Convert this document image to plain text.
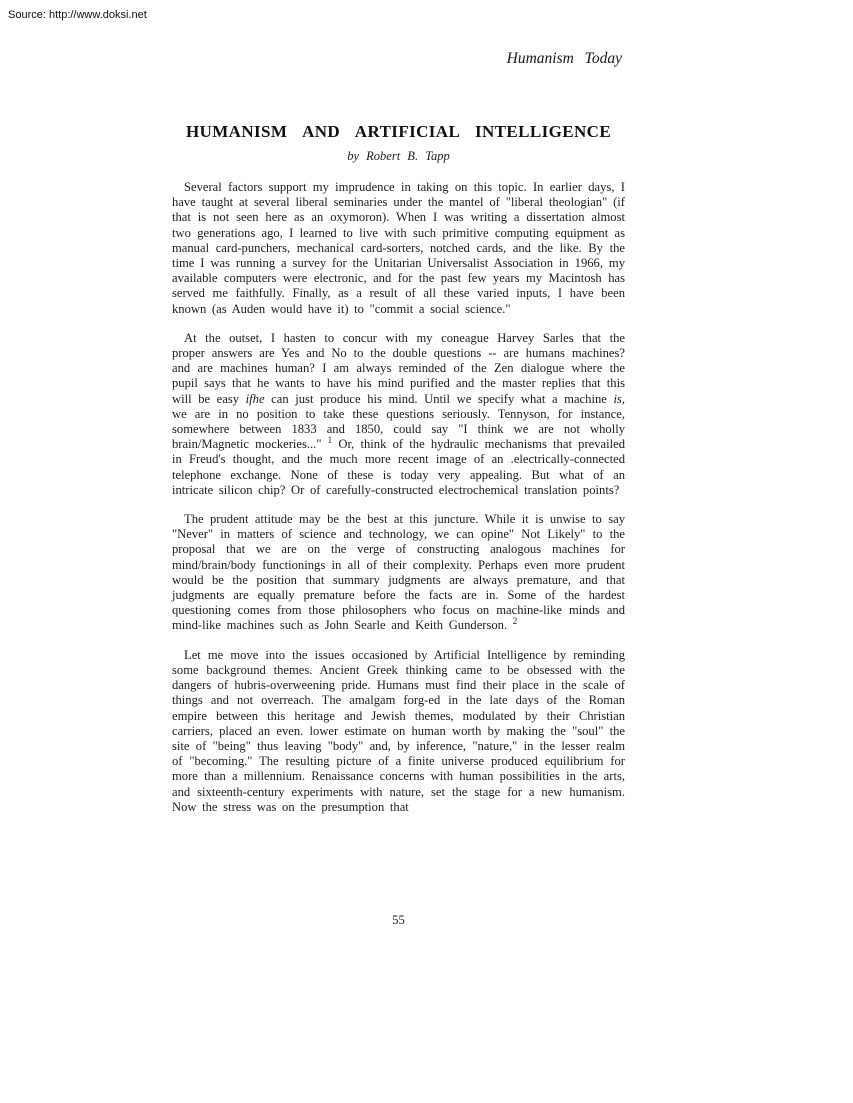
Source: http://www.doksi.net
Humanism Today
HUMANISM AND ARTIFICIAL INTELLIGENCE
by Robert B. Tapp

Several factors support my imprudence in taking on this topic. In earlier days, I have taught at several liberal seminaries under the mantel of "liberal theologian" (if that is not seen here as an oxymoron). When I was writing a dissertation almost two generations ago, I learned to live with such primitive computing equipment as manual card-punchers, mechanical card-sorters, notched cards, and the like. By the time I was running a survey for the Unitarian Universalist Association in 1966, my available computers were electronic, and for the past few years my Macintosh has served me faithfully. Finally, as a result of all these varied inputs, I have been known (as Auden would have it) to "commit a social science."

At the outset, I hasten to concur with my coneague Harvey Sarles that the proper answers are Yes and No to the double questions -- are humans machines? and are machines human? I am always reminded of the Zen dialogue where the pupil says that he wants to have his mind purified and the master replies that this will be easy ifhe can just produce his mind. Until we specify what a machine is, we are in no position to take these questions seriously. Tennyson, for instance, somewhere between 1833 and 1850, could say "I think we are not wholly brain/Magnetic mockeries..." $^1$ Or, think of the hydraulic mechanisms that prevailed in Freud's thought, and the much more recent image of an .electrically-connected telephone exchange. None of these is today very appealing. But what of an intricate silicon chip? Or of carefully-constructed electrochemical translation points?

The prudent attitude may be the best at this juncture. While it is unwise to say "Never" in matters of science and technology, we can opine" Not Likely" to the proposal that we are on the verge of constructing analogous machines for mind/brain/body functionings in all of their complexity. Perhaps even more prudent would be the position that summary judgments are always premature, and that judgments are equally premature before the facts are in. Some of the hardest questioning comes from those philosophers who focus on machine-like minds and mind-like machines such as John Searle and Keith Gunderson. $^2$

Let me move into the issues occasioned by Artificial Intelligence by reminding some background themes. Ancient Greek thinking came to be obsessed with the dangers of hubris-overweening pride. Humans must find their place in the scale of things and not overreach. The amalgam forg-ed in the late days of the Roman empire between this heritage and Jewish themes, modulated by their Christian carriers, placed an even. lower estimate on human worth by making the "soul" the site of "being" thus leaving "body" and, by inference, "nature," in the lesser realm of "becoming." The resulting picture of a finite universe produced equilibrium for more than a millennium. Renaissance concerns with human possibilities in the arts, and sixteenth-century experiments with nature, set the stage for a new humanism. Now the stress was on the presumption that

55
